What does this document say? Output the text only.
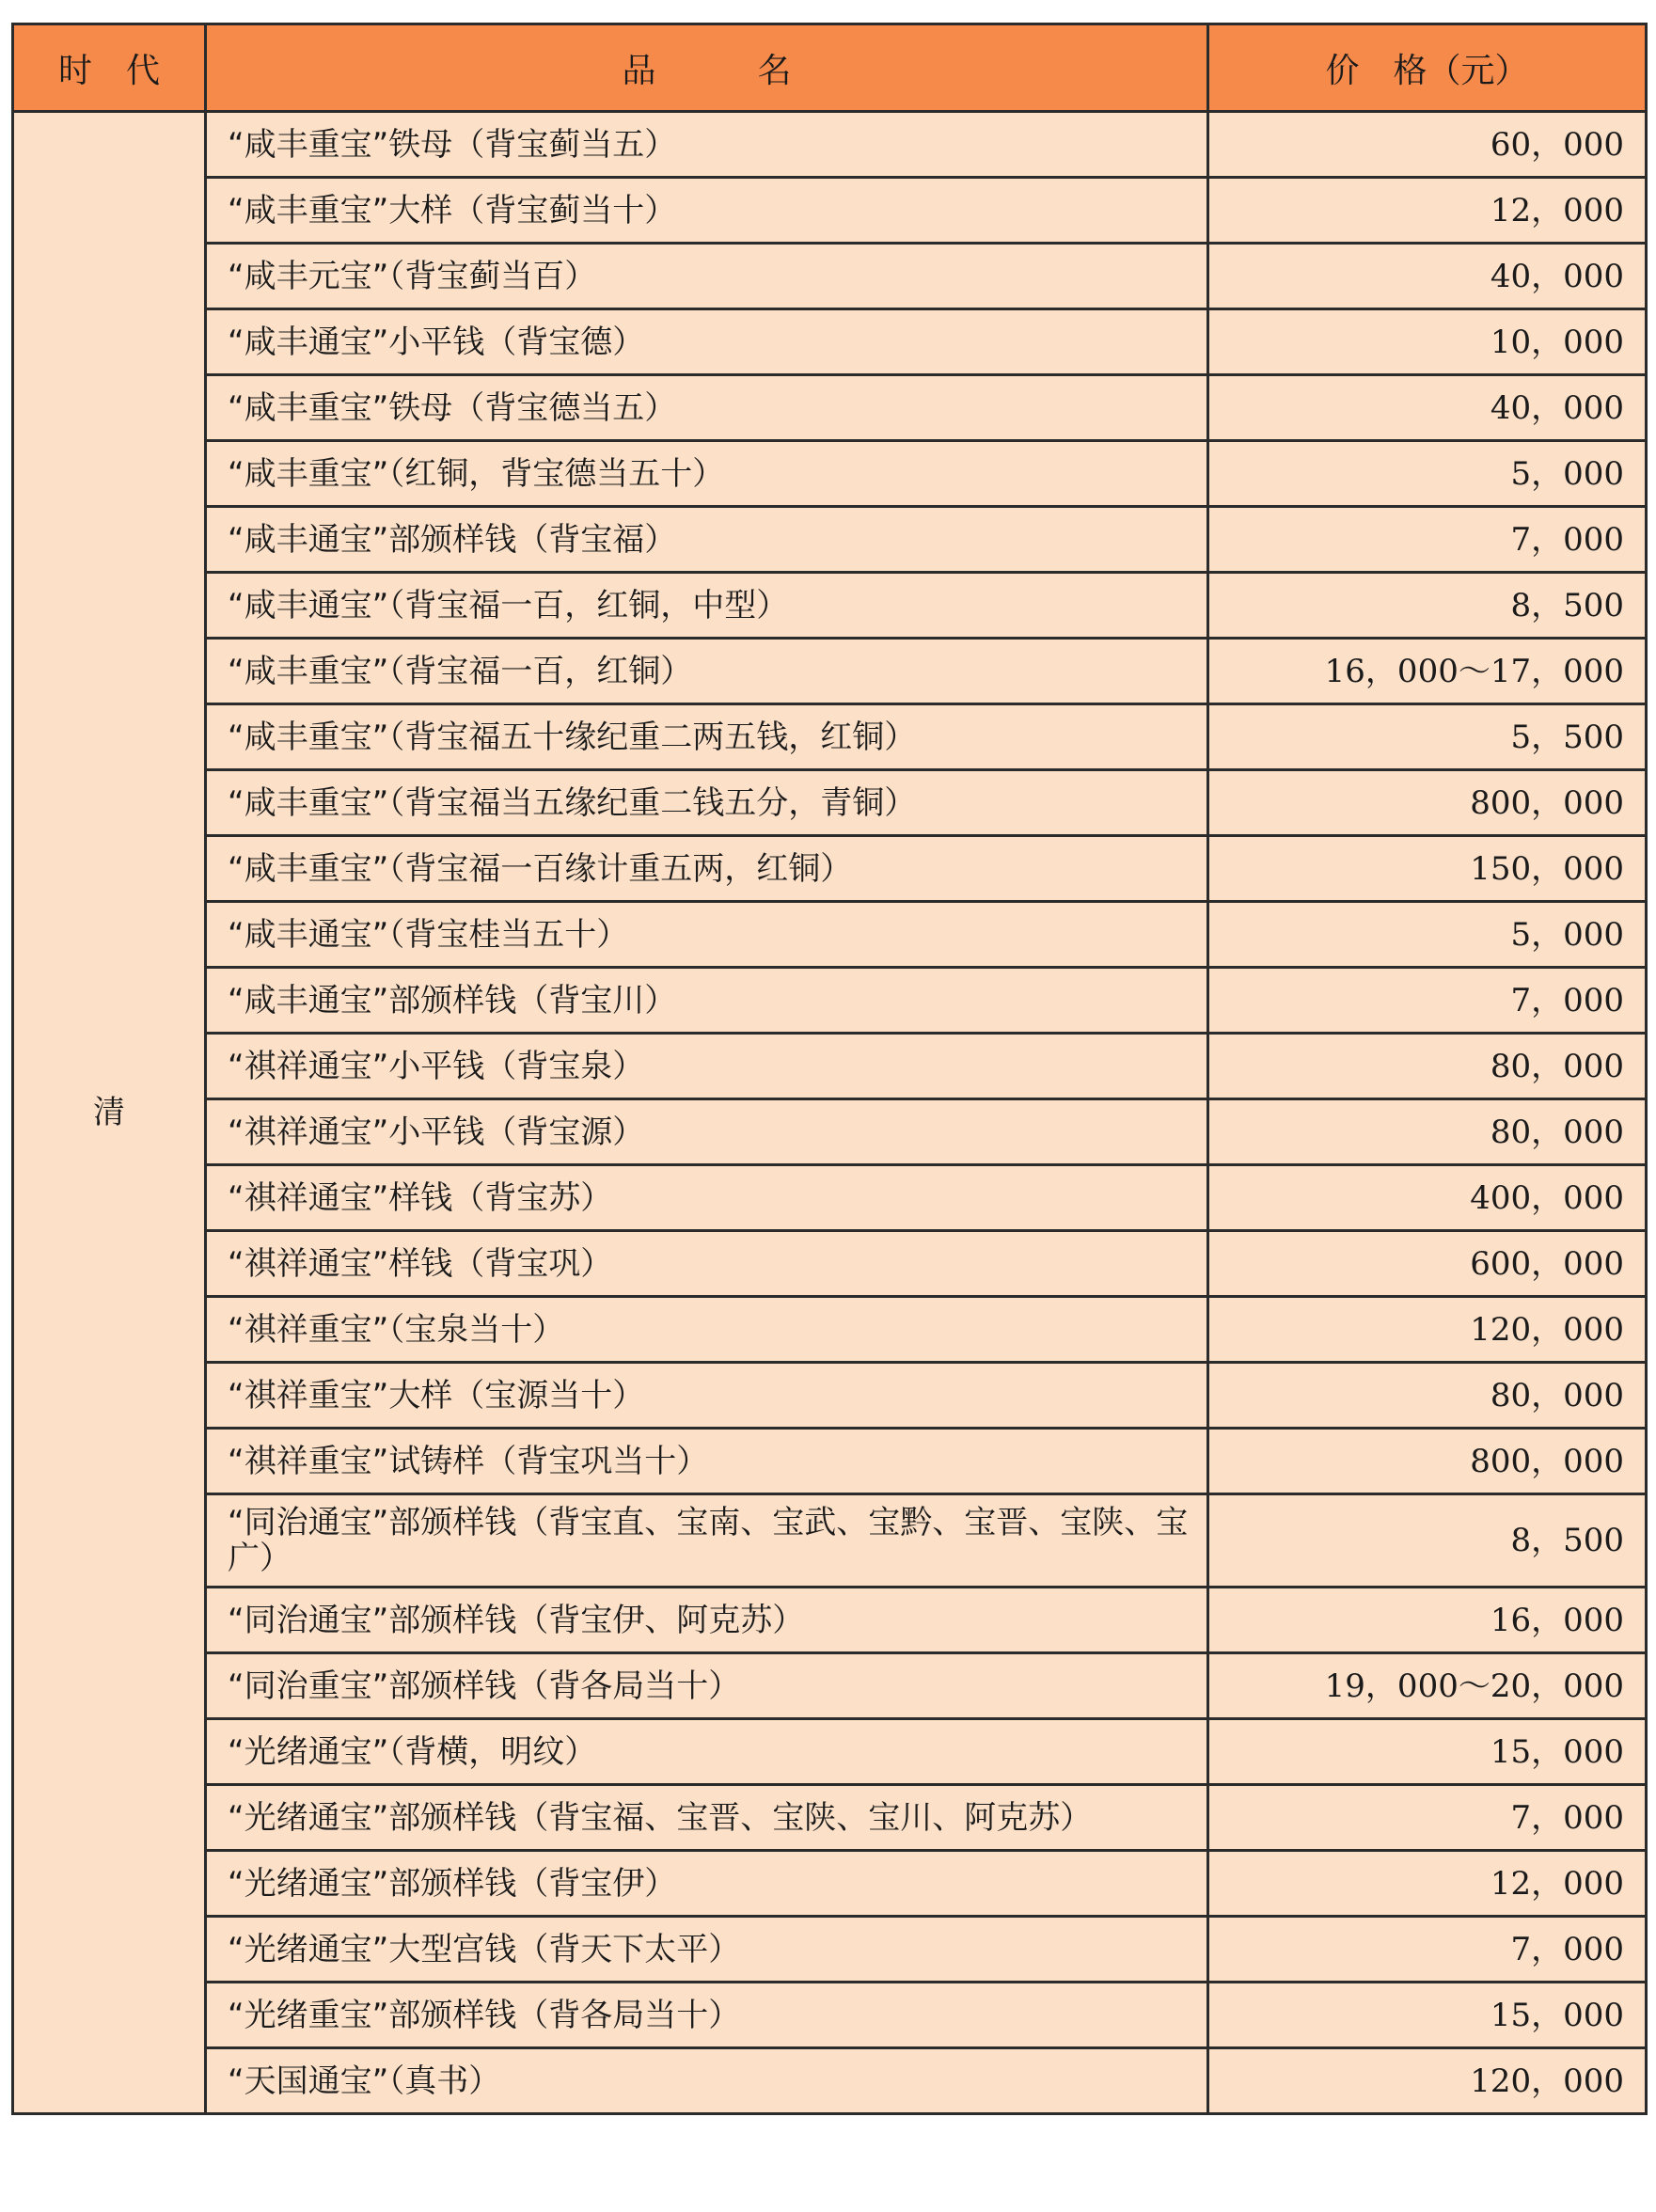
时　代	品　　　名	价　格（元）
清	“咸丰重宝”铁母（背宝蓟当五）	60，000
	“咸丰重宝”大样（背宝蓟当十）	12，000
	“咸丰元宝”（背宝蓟当百）	40，000
	“咸丰通宝”小平钱（背宝德）	10，000
	“咸丰重宝”铁母（背宝德当五）	40，000
	“咸丰重宝”（红铜，背宝德当五十）	5，000
	“咸丰通宝”部颁样钱（背宝福）	7，000
	“咸丰通宝”（背宝福一百，红铜，中型）	8，500
	“咸丰重宝”（背宝福一百，红铜）	16，000～17，000
	“咸丰重宝”（背宝福五十缘纪重二两五钱，红铜）	5，500
	“咸丰重宝”（背宝福当五缘纪重二钱五分，青铜）	800，000
	“咸丰重宝”（背宝福一百缘计重五两，红铜）	150，000
	“咸丰通宝”（背宝桂当五十）	5，000
	“咸丰通宝”部颁样钱（背宝川）	7，000
	“祺祥通宝”小平钱（背宝泉）	80，000
	“祺祥通宝”小平钱（背宝源）	80，000
	“祺祥通宝”样钱（背宝苏）	400，000
	“祺祥通宝”样钱（背宝巩）	600，000
	“祺祥重宝”（宝泉当十）	120，000
	“祺祥重宝”大样（宝源当十）	80，000
	“祺祥重宝”试铸样（背宝巩当十）	800，000
	“同治通宝”部颁样钱（背宝直、宝南、宝武、宝黔、宝晋、宝陕、宝广）	8，500
	“同治通宝”部颁样钱（背宝伊、阿克苏）	16，000
	“同治重宝”部颁样钱（背各局当十）	19，000～20，000
	“光绪通宝”（背横，明纹）	15，000
	“光绪通宝”部颁样钱（背宝福、宝晋、宝陕、宝川、阿克苏）	7，000
	“光绪通宝”部颁样钱（背宝伊）	12，000
	“光绪通宝”大型宫钱（背天下太平）	7，000
	“光绪重宝”部颁样钱（背各局当十）	15，000
	“天国通宝”（真书）	120，000
